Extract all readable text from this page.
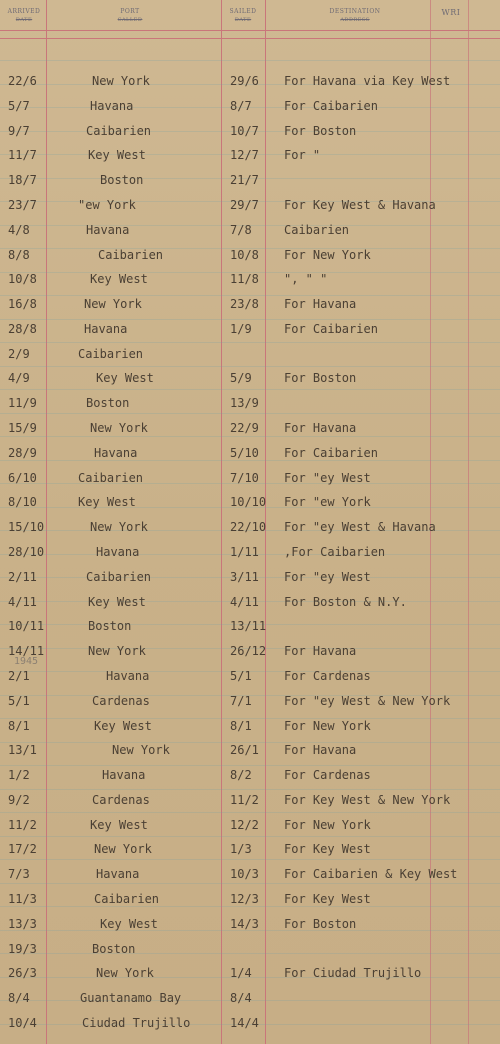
ARRIVED	PORT	SAILED	DESTINATION	WRI
22/6	New York	29/6 For Havana via Key West
5/7	Havana	8/7	For Caibarien
9/7	Caibarien	10/7 For Boston
11/7	Key West	12/7 For "
18/7	Boston	21/7
23/7	"ew York	29/7 For Key West & Havana
4/8	Havana	7/8	Caibarien
8/8	Caibarien	10/8 For New York
10/8	Key West	11/8 ", " "
16/8	New York	23/8 For Havana
28/8	Havana	1/9	For Caibarien
2/9	Caibarien
4/9	Key West	5/9	For Boston
11/9	Boston	13/9
15/9	New York	22/9 For Havana
28/9	Havana	5/10 For Caibarien
6/10	Caibarien	7/10 For "ey West
8/10	Key West	10/10 For "ew York
15/10	New York	22/10 For "ey West & Havana
28/10	Havana	1/11 ,For Caibarien
2/11	Caibarien	3/11 For "ey West
4/11	Key West	4/11 For Boston & N.Y.
10/11	Boston	13/11
14/11	New York	26/12 For Havana
2/1	Havana	5/1	For Cardenas
5/1	Cardenas	7/1	For "ey West & New York
8/1	Key West	8/1	For New York
13/1	New York	26/1 For Havana
1/2	Havana	8/2	For Cardenas
9/2	Cardenas	11/2 For Key West & New York
11/2	Key West	12/2 For New York
17/2	New York	1/3	For Key West
7/3	Havana	10/3 For Caibarien & Key West
11/3	Caibarien	12/3 For Key West
13/3	Key West	14/3 For Boston
19/3	Boston
26/3	New York	1/4	For Ciudad Trujillo
8/4	Guantanamo Bay	8/4
10/4	Ciudad Trujillo	14/4
1945
